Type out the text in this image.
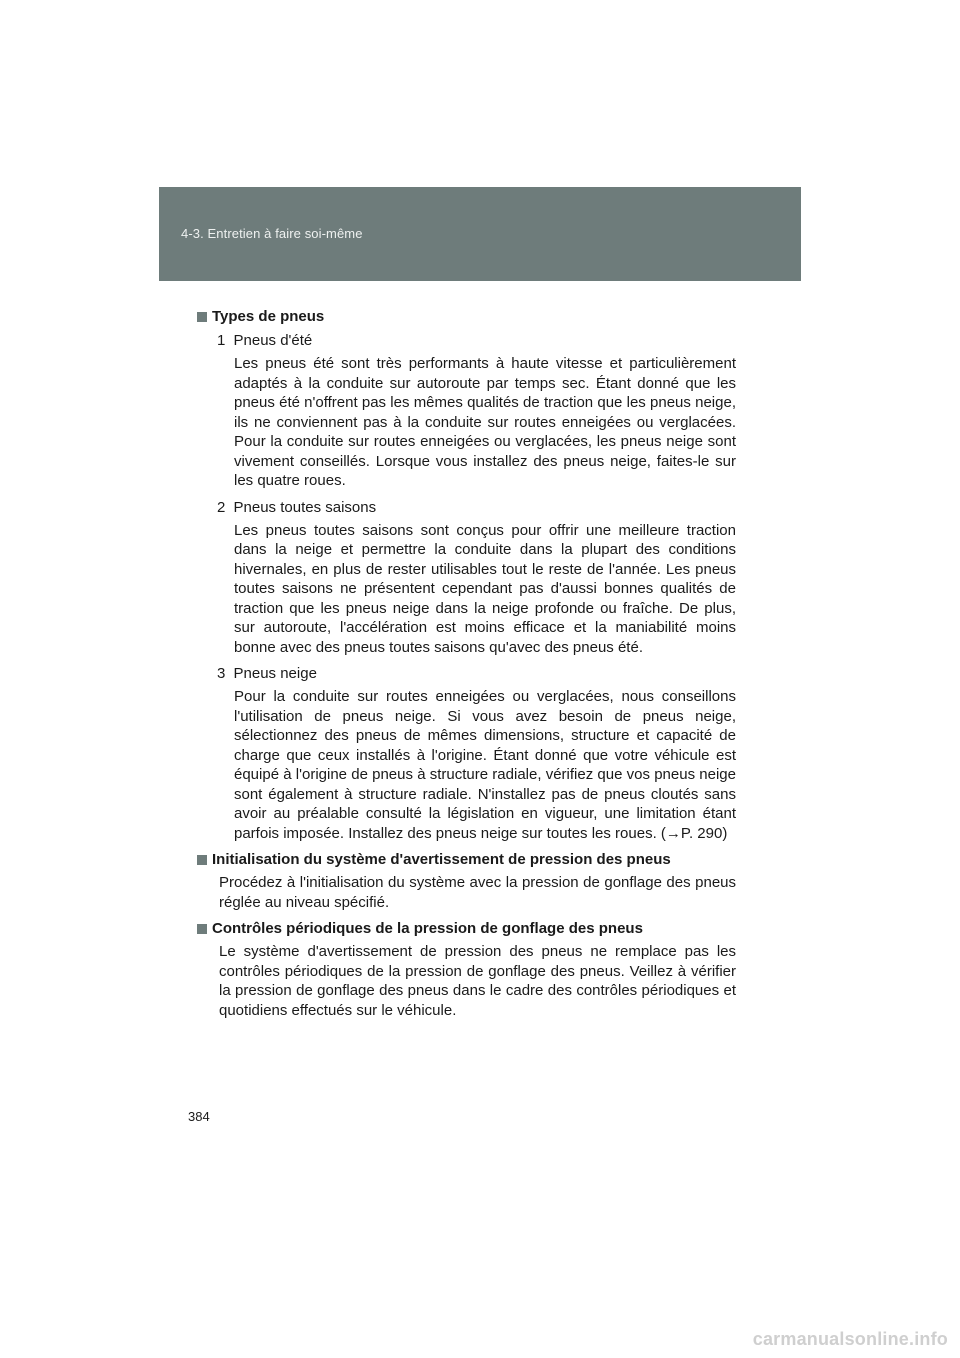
4-3. Entretien à faire soi-même
Types de pneus
1 Pneus d'été
Les pneus été sont très performants à haute vitesse et particulièrement adaptés à la conduite sur autoroute par temps sec. Étant donné que les pneus été n'offrent pas les mêmes qualités de traction que les pneus neige, ils ne conviennent pas à la conduite sur routes enneigées ou verglacées. Pour la conduite sur routes enneigées ou verglacées, les pneus neige sont vivement conseillés. Lorsque vous installez des pneus neige, faites-le sur les quatre roues.
2 Pneus toutes saisons
Les pneus toutes saisons sont conçus pour offrir une meilleure traction dans la neige et permettre la conduite dans la plupart des conditions hivernales, en plus de rester utilisables tout le reste de l'année. Les pneus toutes saisons ne présentent cependant pas d'aussi bonnes qualités de traction que les pneus neige dans la neige profonde ou fraîche. De plus, sur autoroute, l'accélération est moins efficace et la maniabilité moins bonne avec des pneus toutes saisons qu'avec des pneus été.
3 Pneus neige
Pour la conduite sur routes enneigées ou verglacées, nous conseillons l'utilisation de pneus neige. Si vous avez besoin de pneus neige, sélectionnez des pneus de mêmes dimensions, structure et capacité de charge que ceux installés à l'origine. Étant donné que votre véhicule est équipé à l'origine de pneus à structure radiale, vérifiez que vos pneus neige sont également à structure radiale. N'installez pas de pneus cloutés sans avoir au préalable consulté la législation en vigueur, une limitation étant parfois imposée. Installez des pneus neige sur toutes les roues. (→P. 290)
Initialisation du système d'avertissement de pression des pneus
Procédez à l'initialisation du système avec la pression de gonflage des pneus réglée au niveau spécifié.
Contrôles périodiques de la pression de gonflage des pneus
Le système d'avertissement de pression des pneus ne remplace pas les contrôles périodiques de la pression de gonflage des pneus. Veillez à vérifier la pression de gonflage des pneus dans le cadre des contrôles périodiques et quotidiens effectués sur le véhicule.
384
carmanualsonline.info
